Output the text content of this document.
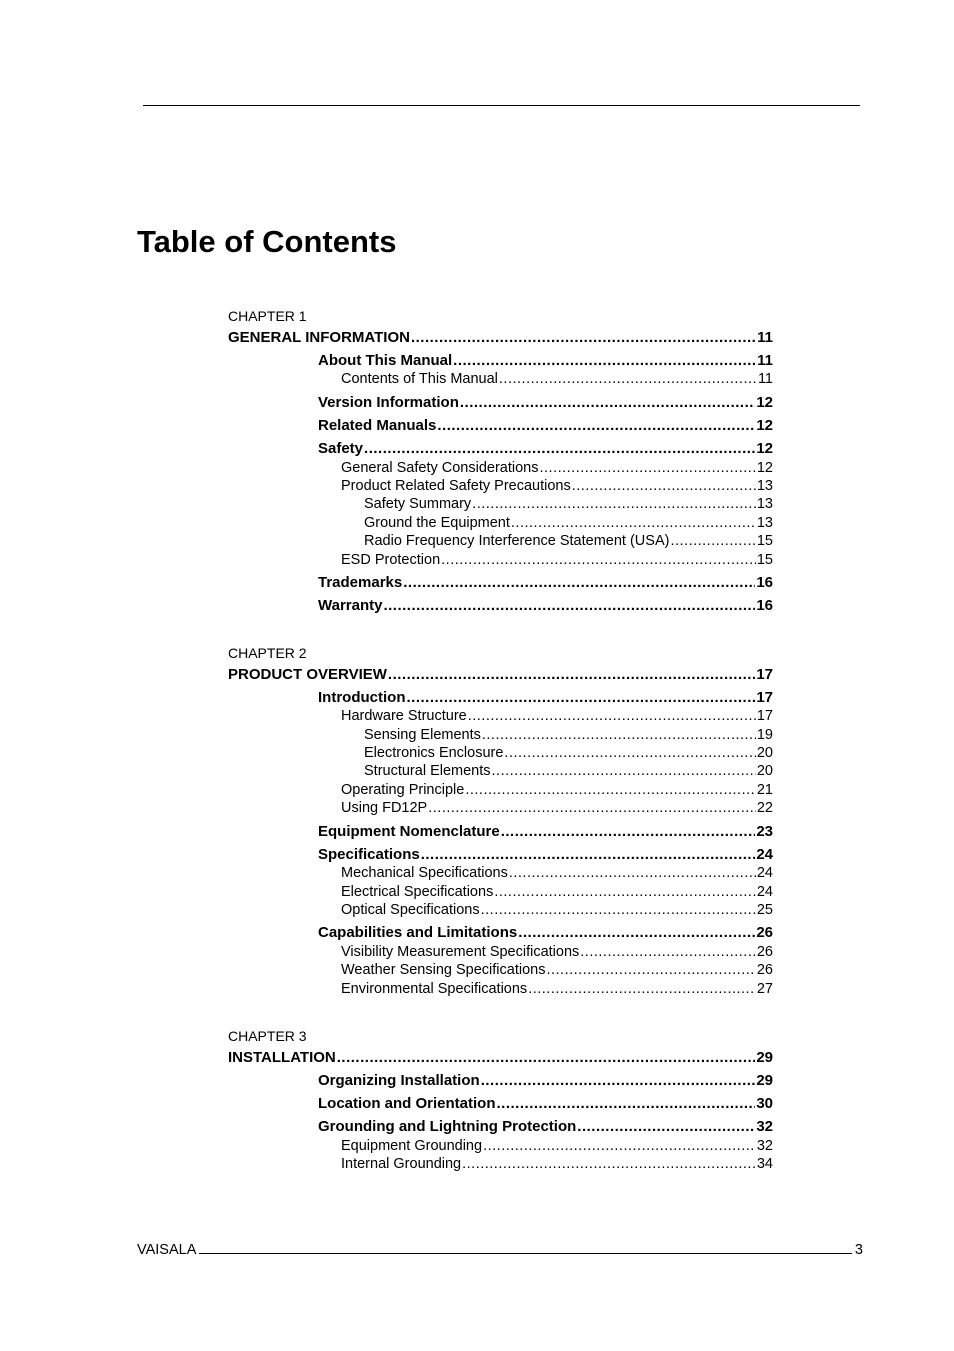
Table of Contents
CHAPTER 1
GENERAL INFORMATION .....	11
About This Manual .....	11
Contents of This Manual .....	11
Version Information .....	12
Related Manuals .....	12
Safety .....	12
General Safety Considerations .....	12
Product Related Safety Precautions .....	13
Safety Summary .....	13
Ground the Equipment .....	13
Radio Frequency Interference Statement (USA) .....	15
ESD Protection .....	15
Trademarks .....	16
Warranty .....	16
CHAPTER 2
PRODUCT OVERVIEW .....	17
Introduction .....	17
Hardware Structure .....	17
Sensing Elements .....	19
Electronics Enclosure .....	20
Structural Elements .....	20
Operating Principle .....	21
Using FD12P .....	22
Equipment Nomenclature .....	23
Specifications .....	24
Mechanical Specifications .....	24
Electrical Specifications .....	24
Optical Specifications .....	25
Capabilities and Limitations .....	26
Visibility Measurement Specifications .....	26
Weather Sensing Specifications .....	26
Environmental Specifications .....	27
CHAPTER 3
INSTALLATION .....	29
Organizing Installation .....	29
Location and Orientation .....	30
Grounding and Lightning Protection .....	32
Equipment Grounding .....	32
Internal Grounding .....	34
VAISALA	3
